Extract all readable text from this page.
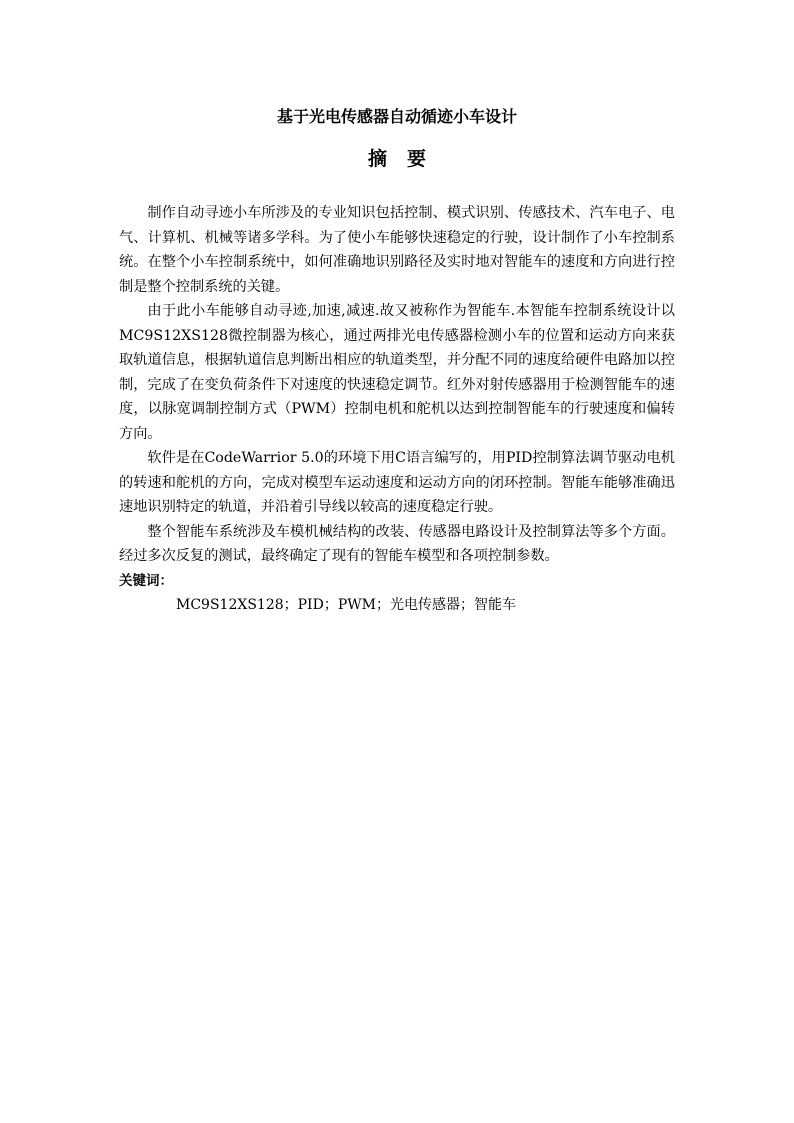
基于光电传感器自动循迹小车设计
摘要

制作自动寻迹小车所涉及的专业知识包括控制、模式识别、传感技术、汽车电子、电气、计算机、机械等诸多学科。为了使小车能够快速稳定的行驶，设计制作了小车控制系统。在整个小车控制系统中，如何准确地识别路径及实时地对智能车的速度和方向进行控制是整个控制系统的关键。

由于此小车能够自动寻迹,加速,减速.故又被称作为智能车.本智能车控制系统设计以MC9S12XS128微控制器为核心，通过两排光电传感器检测小车的位置和运动方向来获取轨道信息，根据轨道信息判断出相应的轨道类型，并分配不同的速度给硬件电路加以控制，完成了在变负荷条件下对速度的快速稳定调节。红外对射传感器用于检测智能车的速度，以脉宽调制控制方式（PWM）控制电机和舵机以达到控制智能车的行驶速度和偏转方向。

软件是在CodeWarrior 5.0的环境下用C语言编写的，用PID控制算法调节驱动电机的转速和舵机的方向，完成对模型车运动速度和运动方向的闭环控制。智能车能够准确迅速地识别特定的轨道，并沿着引导线以较高的速度稳定行驶。

整个智能车系统涉及车模机械结构的改装、传感器电路设计及控制算法等多个方面。经过多次反复的测试，最终确定了现有的智能车模型和各项控制参数。

关键词：

MC9S12XS128；PID；PWM；光电传感器；智能车
